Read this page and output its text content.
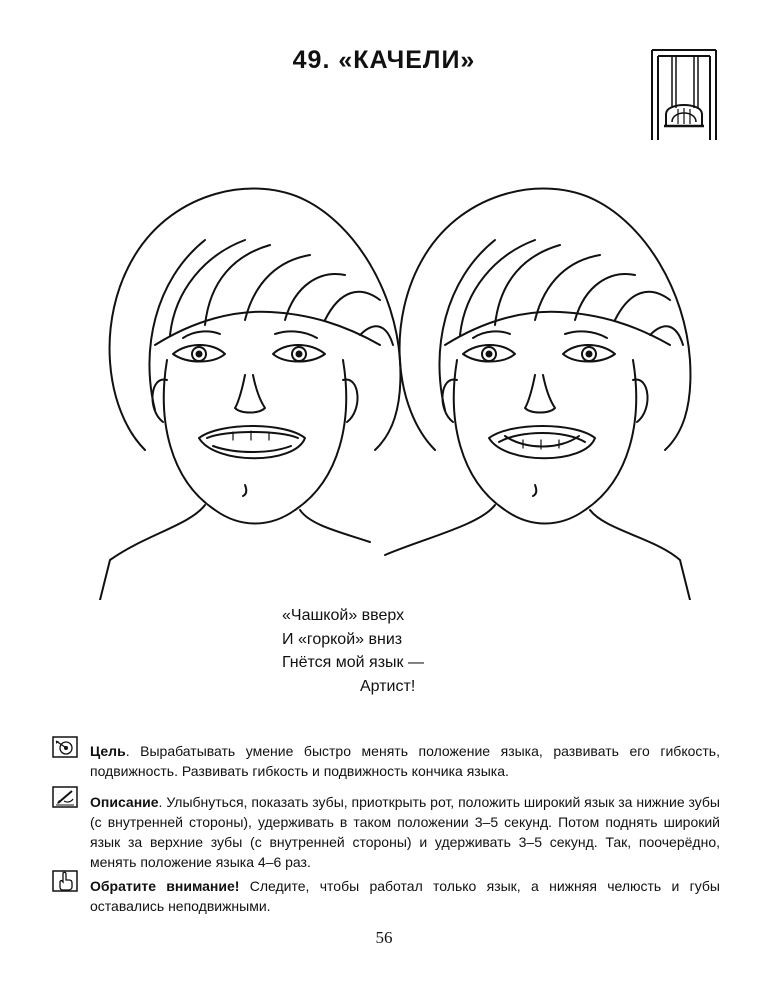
49. «КАЧЕЛИ»
«Чашкой» вверх
И «горкой» вниз
Гнётся мой язык —
Артист!
Цель. Вырабатывать умение быстро менять положение языка, развивать его гибкость, подвижность. Развивать гибкость и подвижность кончика языка.
Описание. Улыбнуться, показать зубы, приоткрыть рот, положить широкий язык за нижние зубы (с внутренней стороны), удерживать в таком положении 3–5 секунд. Потом поднять широкий язык за верхние зубы (с внутренней стороны) и удерживать 3–5 секунд. Так, поочерёдно, менять положение языка 4–6 раз.
Обратите внимание! Следите, чтобы работал только язык, а нижняя челюсть и губы оставались неподвижными.
56
